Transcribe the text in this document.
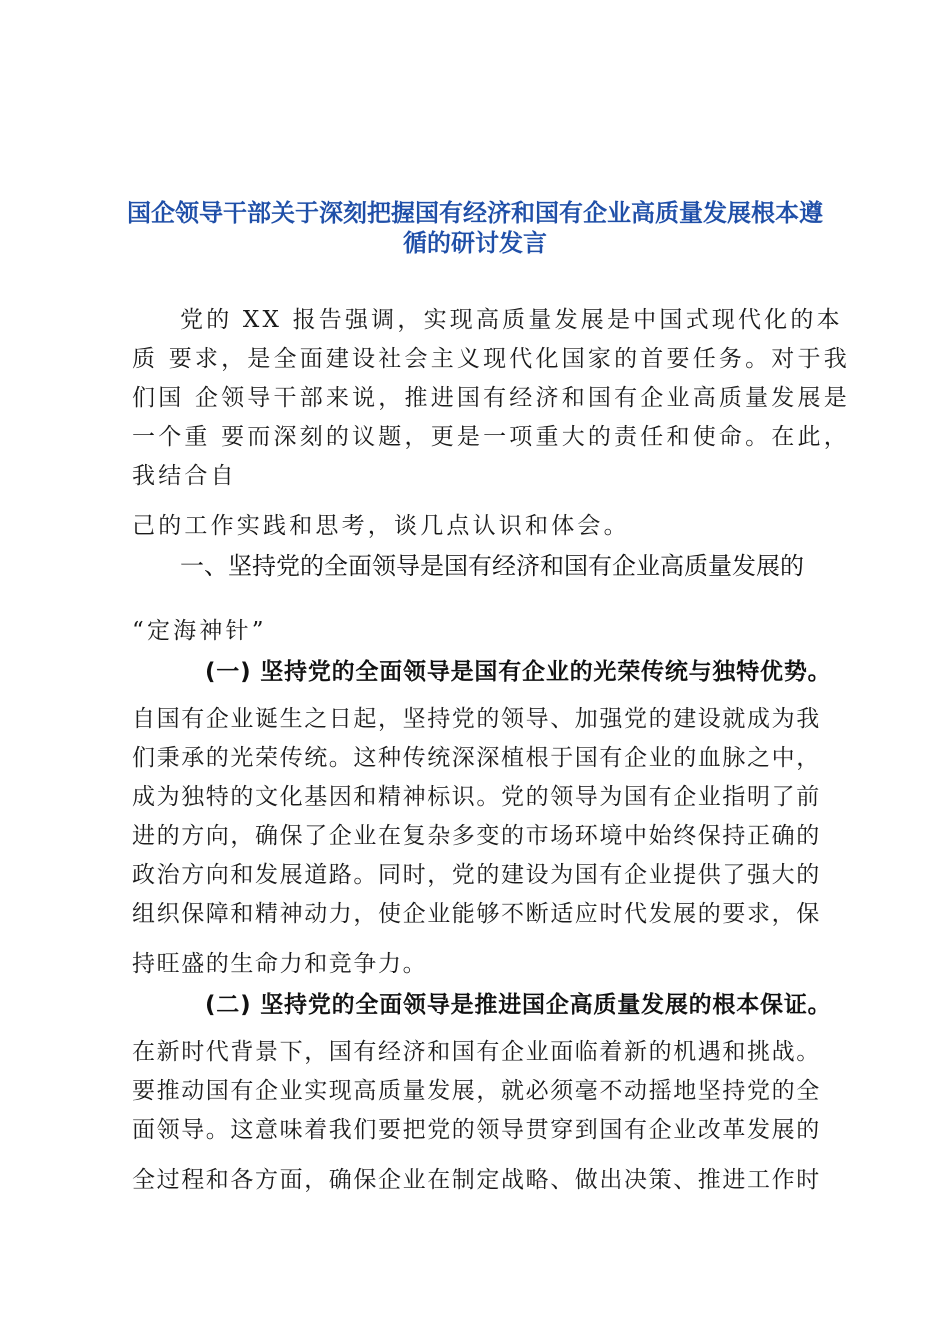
国企领导干部关于深刻把握国有经济和国有企业高质量发展根本遵
循的研讨发言
党的 XX 报告强调，实现高质量发展是中国式现代化的本
质 要求，是全面建设社会主义现代化国家的首要任务。对于我
们国 企领导干部来说，推进国有经济和国有企业高质量发展是
一个重 要而深刻的议题，更是一项重大的责任和使命。在此，
我结合自
己的工作实践和思考，谈几点认识和体会。
一、坚持党的全面领导是国有经济和国有企业高质量发展的
“定海神针”
(一) 坚持党的全面领导是国有企业的光荣传统与独特优势。
自国有企业诞生之日起，坚持党的领导、加强党的建设就成为我
们秉承的光荣传统。这种传统深深植根于国有企业的血脉之中，
成为独特的文化基因和精神标识。党的领导为国有企业指明了前
进的方向，确保了企业在复杂多变的市场环境中始终保持正确的
政治方向和发展道路。同时，党的建设为国有企业提供了强大的
组织保障和精神动力，使企业能够不断适应时代发展的要求，保
持旺盛的生命力和竞争力。
(二) 坚持党的全面领导是推进国企高质量发展的根本保证。
在新时代背景下，国有经济和国有企业面临着新的机遇和挑战。
要推动国有企业实现高质量发展，就必须毫不动摇地坚持党的全
面领导。这意味着我们要把党的领导贯穿到国有企业改革发展的
全过程和各方面，确保企业在制定战略、做出决策、推进工作时
